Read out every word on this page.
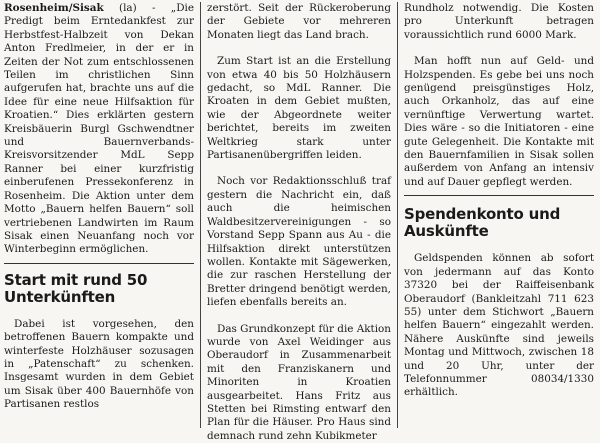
Rosenheim/Sisak (la) - „Die Predigt beim Erntedankfest zur Herbstfest-Halbzeit von Dekan Anton Fredlmeier, in der er in Zeiten der Not zum entschlossenen Teilen im christlichen Sinn aufgerufen hat, brachte uns auf die Idee für eine neue Hilfsaktion für Kroatien.“ Dies erklärten gestern Kreisbäuerin Burgl Gschwendtner und Bauernverbands-Kreisvorsitzender MdL Sepp Ranner bei einer kurzfristig einberufenen Pressekonferenz in Rosenheim. Die Aktion unter dem Motto „Bauern helfen Bauern“ soll vertriebenen Landwirten im Raum Sisak einen Neuanfang noch vor Winterbeginn ermöglichen.

Start mit rund 50 Unterkünften

Dabei ist vorgesehen, den betroffenen Bauern kompakte und winterfeste Holzhäuser sozusagen in „Patenschaft“ zu schenken. Insgesamt wurden in dem Gebiet um Sisak über 400 Bauernhöfe von Partisanen restlos

zerstört. Seit der Rückeroberung der Gebiete vor mehreren Monaten liegt das Land brach.

Zum Start ist an die Erstellung von etwa 40 bis 50 Holzhäusern gedacht, so MdL Ranner. Die Kroaten in dem Gebiet mußten, wie der Abgeordnete weiter berichtet, bereits im zweiten Weltkrieg stark unter Partisanenübergriffen leiden.

Noch vor Redaktionsschluß traf gestern die Nachricht ein, daß auch die heimischen Waldbesitzervereinigungen - so Vorstand Sepp Spann aus Au - die Hilfsaktion direkt unterstützen wollen. Kontakte mit Sägewerken, die zur raschen Herstellung der Bretter dringend benötigt werden, liefen ebenfalls bereits an.

Das Grundkonzept für die Aktion wurde von Axel Weidinger aus Oberaudorf in Zusammenarbeit mit den Franziskanern und Minoriten in Kroatien ausgearbeitet. Hans Fritz aus Stetten bei Rimsting entwarf den Plan für die Häuser. Pro Haus sind demnach rund zehn Kubikmeter

Rundholz notwendig. Die Kosten pro Unterkunft betragen voraussichtlich rund 6000 Mark.

Man hofft nun auf Geld- und Holzspenden. Es gebe bei uns noch genügend preisgünstiges Holz, auch Orkanholz, das auf eine vernünftige Verwertung wartet. Dies wäre - so die Initiatoren - eine gute Gelegenheit. Die Kontakte mit den Bauernfamilien in Sisak sollen außerdem von Anfang an intensiv und auf Dauer gepflegt werden.

Spendenkonto und Auskünfte

Geldspenden können ab sofort von jedermann auf das Konto 37320 bei der Raiffeisenbank Oberaudorf (Bankleitzahl 711 623 55) unter dem Stichwort „Bauern helfen Bauern“ eingezahlt werden. Nähere Auskünfte sind jeweils Montag und Mittwoch, zwischen 18 und 20 Uhr, unter der Telefonnummer 08034/1330 erhältlich.
